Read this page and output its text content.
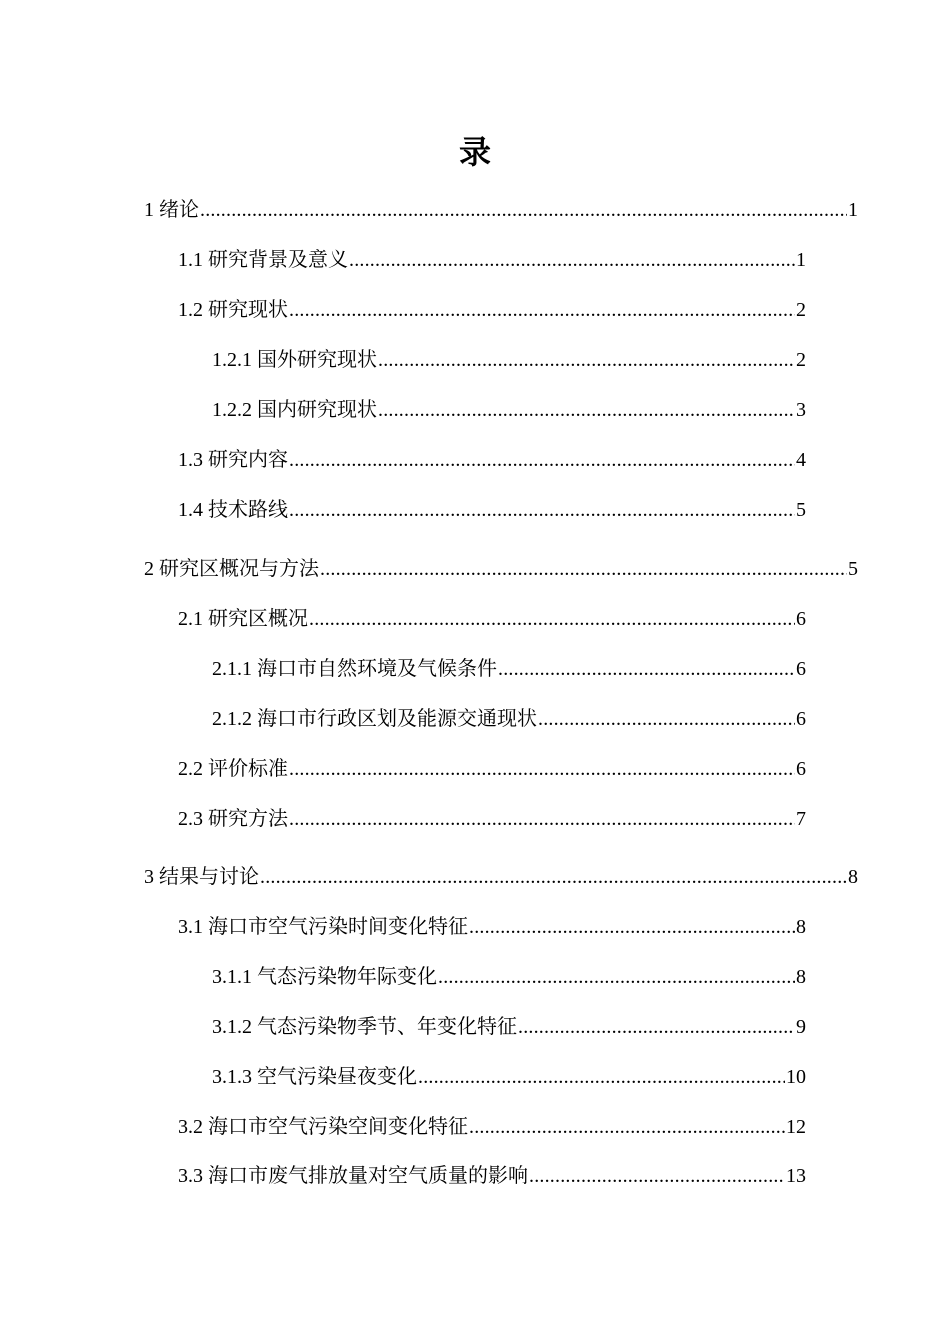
录
1 绪论 .....	1
1.1 研究背景及意义 .....	1
1.2 研究现状 .....	2
1.2.1 国外研究现状 .....	2
1.2.2 国内研究现状 .....	3
1.3 研究内容 .....	4
1.4 技术路线 .....	5
2 研究区概况与方法 .....	5
2.1 研究区概况 .....	6
2.1.1 海口市自然环境及气候条件 .....	6
2.1.2 海口市行政区划及能源交通现状 .....	6
2.2 评价标准 .....	6
2.3 研究方法 .....	7
3 结果与讨论 .....	8
3.1 海口市空气污染时间变化特征 .....	8
3.1.1 气态污染物年际变化 .....	8
3.1.2 气态污染物季节、年变化特征 .....	9
3.1.3 空气污染昼夜变化 .....	10
3.2 海口市空气污染空间变化特征 .....	12
3.3 海口市废气排放量对空气质量的影响 .....	13
